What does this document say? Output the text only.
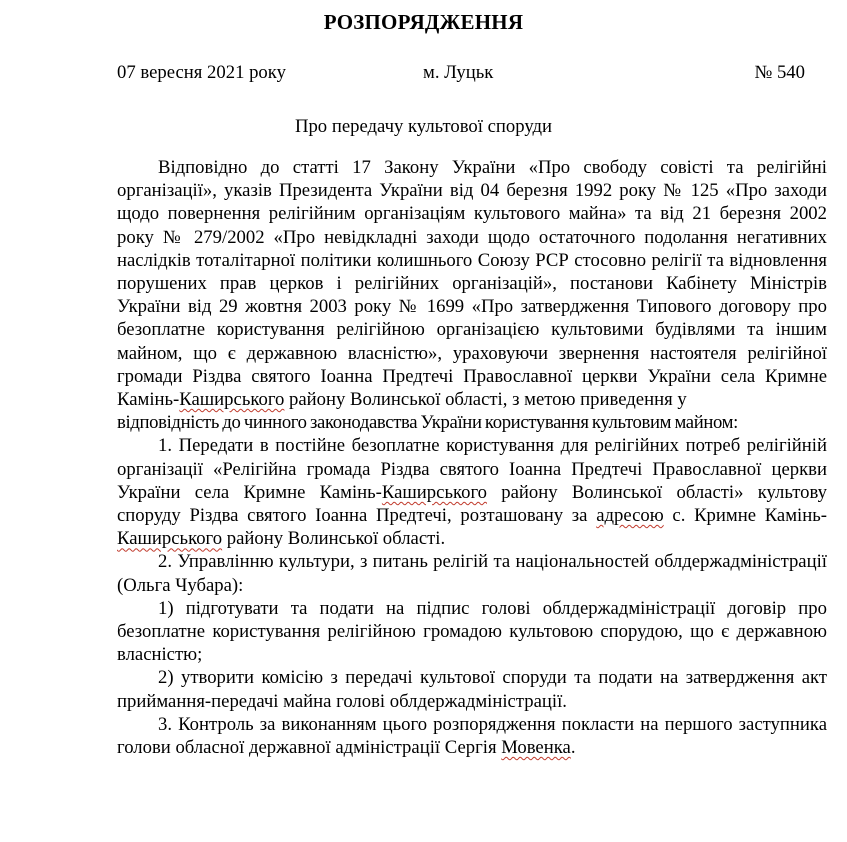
РОЗПОРЯДЖЕННЯ
07 вересня 2021 року	м. Луцьк	№ 540
Про передачу культової споруди

Відповідно до статті 17 Закону України «Про свободу совісті та релігійні організації», указів Президента України від 04 березня 1992 року № 125 «Про заходи щодо повернення релігійним організаціям культового майна» та від 21 березня 2002 року № 279/2002 «Про невідкладні заходи щодо остаточного подолання негативних наслідків тоталітарної політики колишнього Союзу РСР стосовно релігії та відновлення порушених прав церков і релігійних організацій», постанови Кабінету Міністрів України від 29 жовтня 2003 року № 1699 «Про затвердження Типового договору про безоплатне користування релігійною організацією культовими будівлями та іншим майном, що є державною власністю», ураховуючи звернення настоятеля релігійної громади Різдва святого Іоанна Предтечі Православної церкви України села Кримне Камінь-Каширського району Волинської області, з метою приведення у

відповідність до чинного законодавства України користування культовим майном:

1. Передати в постійне безоплатне користування для релігійних потреб релігійній організації «Релігійна громада Різдва святого Іоанна Предтечі Православної церкви України села Кримне Камінь-Каширського району Волинської області» культову споруду Різдва святого Іоанна Предтечі, розташовану за адресою с. Кримне Камінь-Каширського району Волинської області.

2. Управлінню культури, з питань релігій та національностей облдержадміністрації (Ольга Чубара):

1) підготувати та подати на підпис голові облдержадміністрації договір про безоплатне користування релігійною громадою культовою спорудою, що є державною власністю;

2) утворити комісію з передачі культової споруди та подати на затвердження акт приймання-передачі майна голові облдержадміністрації.

3. Контроль за виконанням цього розпорядження покласти на першого заступника голови обласної державної адміністрації Сергія Мовенка.
